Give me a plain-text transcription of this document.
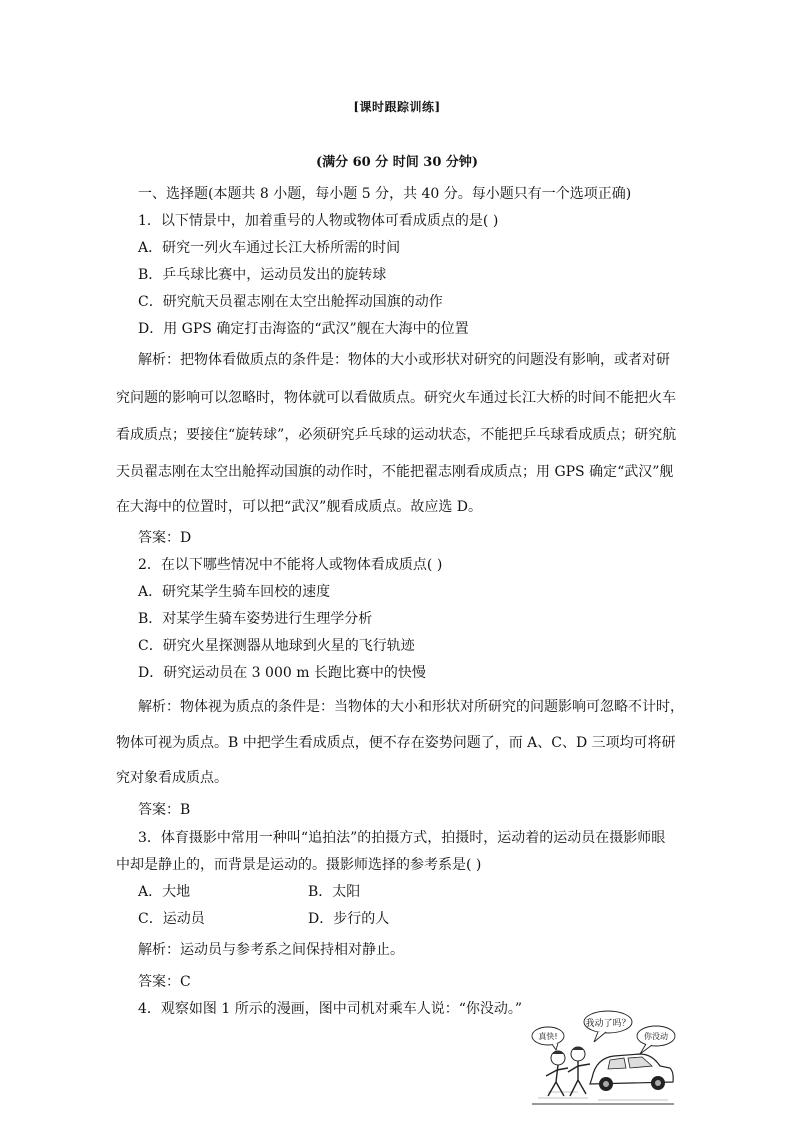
[课时跟踪训练]
(满分 60 分 时间 30 分钟)
一、选择题(本题共 8 小题，每小题 5 分，共 40 分。每小题只有一个选项正确)
1．以下情景中，加着重号的人物或物体可看成质点的是( )
A．研究一列火车通过长江大桥所需的时间
B．乒乓球比赛中，运动员发出的旋转球
C．研究航天员翟志刚在太空出舱挥动国旗的动作
D．用 GPS 确定打击海盗的“武汉”舰在大海中的位置
解析：把物体看做质点的条件是：物体的大小或形状对研究的问题没有影响，或者对研
究问题的影响可以忽略时，物体就可以看做质点。研究火车通过长江大桥的时间不能把火车
看成质点；要接住“旋转球”，必须研究乒乓球的运动状态，不能把乒乓球看成质点；研究航
天员翟志刚在太空出舱挥动国旗的动作时，不能把翟志刚看成质点；用 GPS 确定“武汉”舰
在大海中的位置时，可以把“武汉”舰看成质点。故应选 D。
答案：D
2．在以下哪些情况中不能将人或物体看成质点( )
A．研究某学生骑车回校的速度
B．对某学生骑车姿势进行生理学分析
C．研究火星探测器从地球到火星的飞行轨迹
D．研究运动员在 3 000 m 长跑比赛中的快慢
解析：物体视为质点的条件是：当物体的大小和形状对所研究的问题影响可忽略不计时，
物体可视为质点。B 中把学生看成质点，便不存在姿势问题了，而 A、C、D 三项均可将研
究对象看成质点。
答案：B
3．体育摄影中常用一种叫“追拍法”的拍摄方式，拍摄时，运动着的运动员在摄影师眼
中却是静止的，而背景是运动的。摄影师选择的参考系是( )
A．大地	B．太阳
C．运动员	D．步行的人
解析：运动员与参考系之间保持相对静止。
答案：C
4．观察如图 1 所示的漫画，图中司机对乘车人说：“你没动。”
我动了吗？
真快!	你没动
